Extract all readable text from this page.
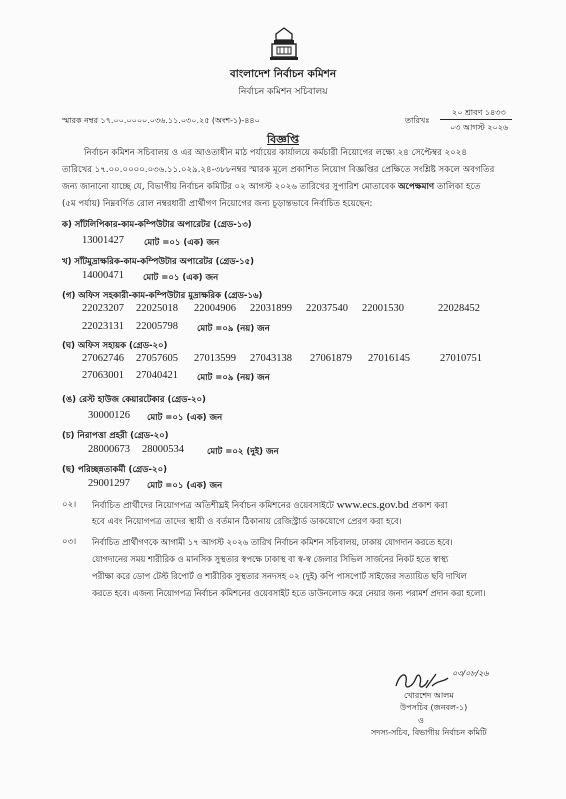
বাংলাদেশ নির্বাচন কমিশন
নির্বাচন কমিশন সচিবালয়
স্মারক নম্বর ১৭.০০.০০০০.০৩৬.১১.০৩০.২৫ (অংশ-১)-৪৪০	তারিখঃ
২০ শ্রাবণ ১৪৩৩
০৩ আগস্ট ২০২৬
বিজ্ঞপ্তি
নির্বাচন কমিশন সচিবালয় ও এর আওতাধীন মাঠ পর্যায়ের কার্যালয়ে কর্মচারী নিয়োগের লক্ষ্যে ২৪ সেপ্টেম্বর ২০২৪
তারিখের ১৭.০০.০০০০.০৩৬.১১.০২৯.২৪-৩৮৮নম্বর স্মারক মূলে প্রকাশিত নিয়োগ বিজ্ঞপ্তির প্রেক্ষিতে সংশ্লিষ্ট সকলে অবগতির
জন্য জানানো যাচ্ছে যে, বিভাগীয় নির্বাচন কমিটির ০২ আগস্ট ২০২৬ তারিখের সুপারিশ মোতাবেক অপেক্ষমাণ তালিকা হতে
(৫ম পর্যায়) নিম্নবর্ণিত রোল নম্বরধারী প্রার্থীগণ নিয়োগের জন্য চূড়ান্তভাবে নির্বাচিত হয়েছেন:
ক) সাঁটলিপিকার-কাম-কম্পিউটার অপারেটর (গ্রেড-১৩)
13001427 মোট =০১ (এক) জন
খ) সাঁটমুদ্রাক্ষরিক-কাম-কম্পিউটার অপারেটর (গ্রেড-১৫)
14000471 মোট =০১ (এক) জন
(গ) অফিস সহকারী-কাম-কম্পিউটার মুদ্রাক্ষরিক (গ্রেড-১৬)
22023207 22025018 22004906 22031899 22037540 22001530	22028452
22023131 22005798 মোট =০৯ (নয়) জন
(ঘ) অফিস সহায়ক (গ্রেড-২০)
27062746 27057605 27013599 27043138 27061879 27016145	27010751
27063001 27040421 মোট =০৯ (নয়) জন
(ঙ) রেস্ট হাউজ কেয়ারটেকার (গ্রেড-২০)
30000126 মোট =০১ (এক) জন
(চ) নিরাপত্তা প্রহরী (গ্রেড-২০)
28000673 28000534	মোট =০২ (দুই) জন
(ছ) পরিচ্ছন্নতাকর্মী (গ্রেড-২০)
29001297 মোট =০১ (এক) জন
০২। নির্বাচিত প্রার্থীদের নিয়োগপত্র অতিশীঘ্রই নির্বাচন কমিশনের ওয়েবসাইটে www.ecs.gov.bd প্রকাশ করা
হবে এবং নিয়োগপত্র তাদের স্থায়ী ও বর্তমান ঠিকানায় রেজিস্ট্রার্ড ডাকযোগে প্রেরণ করা হবে।
০৩। নির্বাচিত প্রার্থীগণকে আগামী ১৭ আগস্ট ২০২৬ তারিখ নির্বাচন কমিশন সচিবালয়, ঢাকায় যোগদান করতে হবে।
যোগদানের সময় শারীরিক ও মানসিক সুস্থতার স্বপক্ষে ঢাকাস্থ বা স্ব-স্ব জেলার সিভিল সার্জনের নিকট হতে স্বাস্থ্য
পরীক্ষা করে ডোপ টেস্ট রিপোর্ট ও শারীরিক সুস্থতার সনদসহ ০২ (দুই) কপি পাসপোর্ট সাইজের সত্যায়িত ছবি দাখিল
করতে হবে। এজন্য নিয়োগপত্র নির্বাচন কমিশনের ওয়েবসাইট হতে ডাউনলোড করে নেয়ার জন্য পরামর্শ প্রদান করা হলো।
০৩/০৮/২৬
খোরশেদ আলম
উপসচিব (জনবল-১)
ও
সদস্য-সচিব, বিভাগীয় নির্বাচন কমিটি
